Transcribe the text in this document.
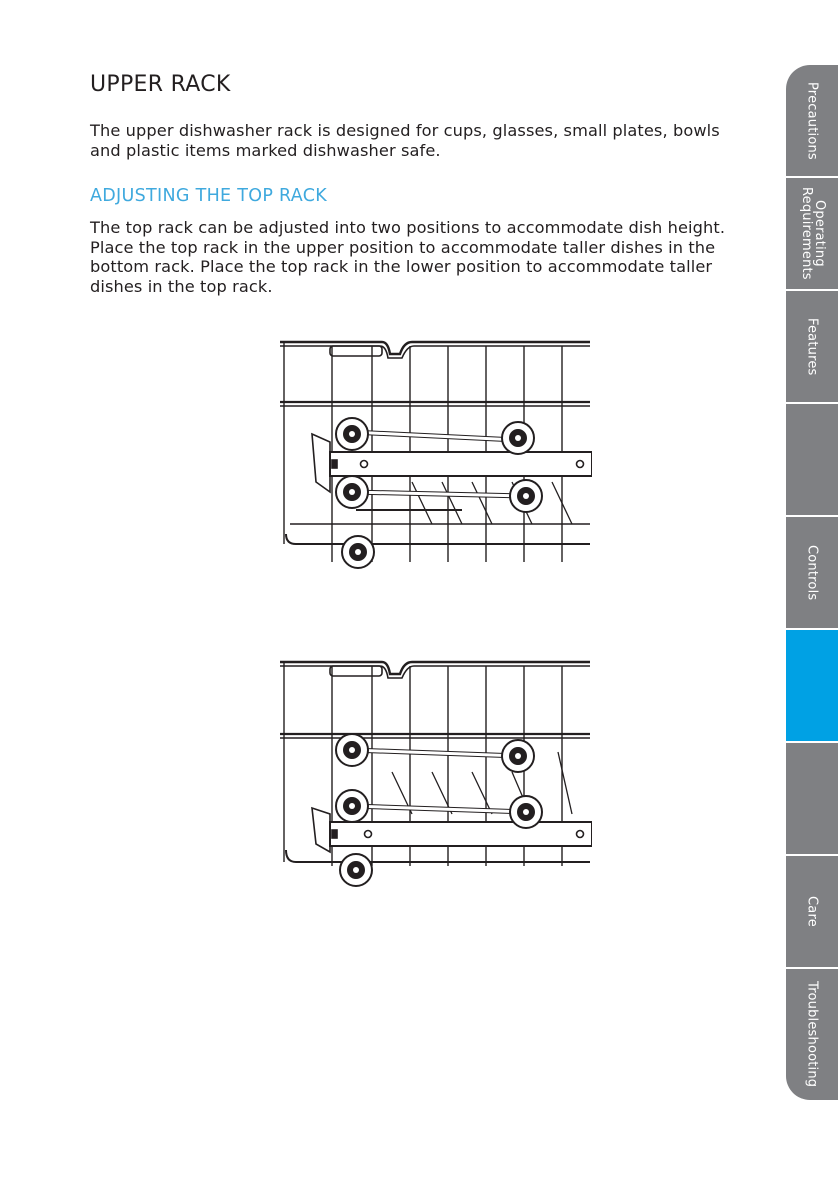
UPPER RACK

The upper dishwasher rack is designed for cups, glasses, small plates, bowls and plastic items marked dishwasher safe.

ADJUSTING THE TOP RACK

The top rack can be adjusted into two positions to accommodate dish height. Place the top rack in the upper position to accommodate taller dishes in the bottom rack. Place the top rack in the lower position to accommodate taller dishes in the top rack.

Precautions
Operating Requirements
Features
Controls
Care
Troubleshooting
